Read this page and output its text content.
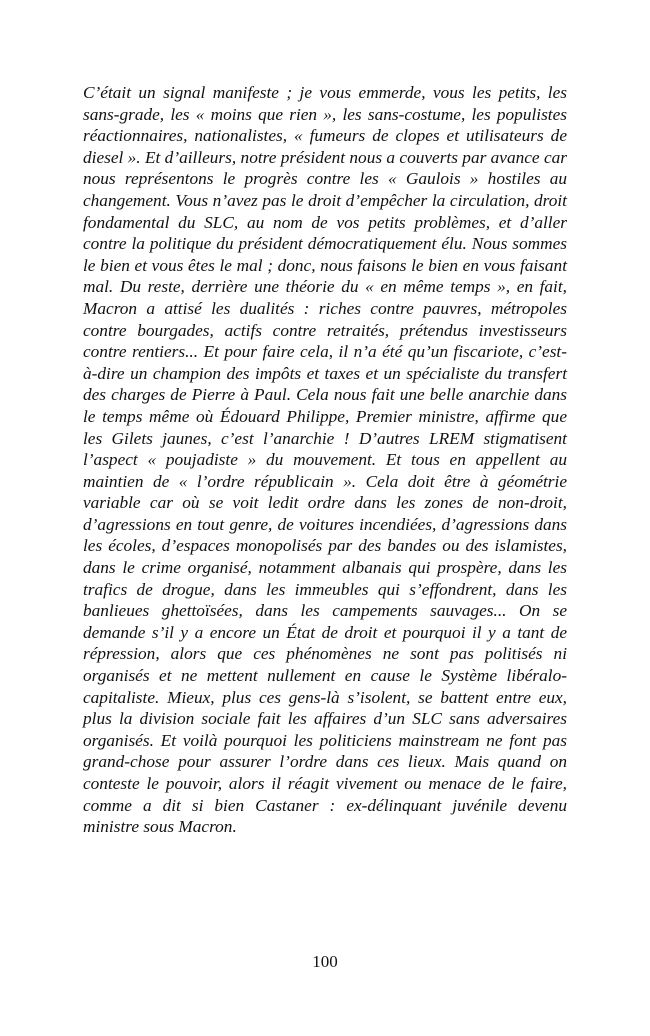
C’était un signal manifeste ; je vous emmerde, vous les petits, les sans-grade, les « moins que rien », les sans-costume, les populistes réactionnaires, nationalistes, « fumeurs de clopes et utilisateurs de diesel ». Et d’ailleurs, notre président nous a couverts par avance car nous représentons le progrès contre les « Gaulois » hostiles au changement. Vous n’avez pas le droit d’empêcher la circulation, droit fondamental du SLC, au nom de vos petits problèmes, et d’aller contre la politique du président démocratiquement élu. Nous sommes le bien et vous êtes le mal ; donc, nous faisons le bien en vous faisant mal. Du reste, derrière une théorie du « en même temps », en fait, Macron a attisé les dualités : riches contre pauvres, métropoles contre bourgades, actifs contre retraités, prétendus investisseurs contre rentiers... Et pour faire cela, il n’a été qu’un fiscariote, c’est-à-dire un champion des impôts et taxes et un spécialiste du transfert des charges de Pierre à Paul. Cela nous fait une belle anarchie dans le temps même où Édouard Philippe, Premier ministre, affirme que les Gilets jaunes, c’est l’anarchie ! D’autres LREM stigmatisent l’aspect « poujadiste » du mouvement. Et tous en appellent au maintien de « l’ordre républicain ». Cela doit être à géométrie variable car où se voit ledit ordre dans les zones de non-droit, d’agressions en tout genre, de voitures incendiées, d’agressions dans les écoles, d’espaces monopolisés par des bandes ou des islamistes, dans le crime organisé, notamment albanais qui prospère, dans les trafics de drogue, dans les immeubles qui s’effondrent, dans les banlieues ghettoïsées, dans les campements sauvages... On se demande s’il y a encore un État de droit et pourquoi il y a tant de répression, alors que ces phénomènes ne sont pas politisés ni organisés et ne mettent nullement en cause le Système libéralo-capitaliste. Mieux, plus ces gens-là s’isolent, se battent entre eux, plus la division sociale fait les affaires d’un SLC sans adversaires organisés. Et voilà pourquoi les politiciens mainstream ne font pas grand-chose pour assurer l’ordre dans ces lieux. Mais quand on conteste le pouvoir, alors il réagit vivement ou menace de le faire, comme a dit si bien Castaner : ex-délinquant juvénile devenu ministre sous Macron.

100
